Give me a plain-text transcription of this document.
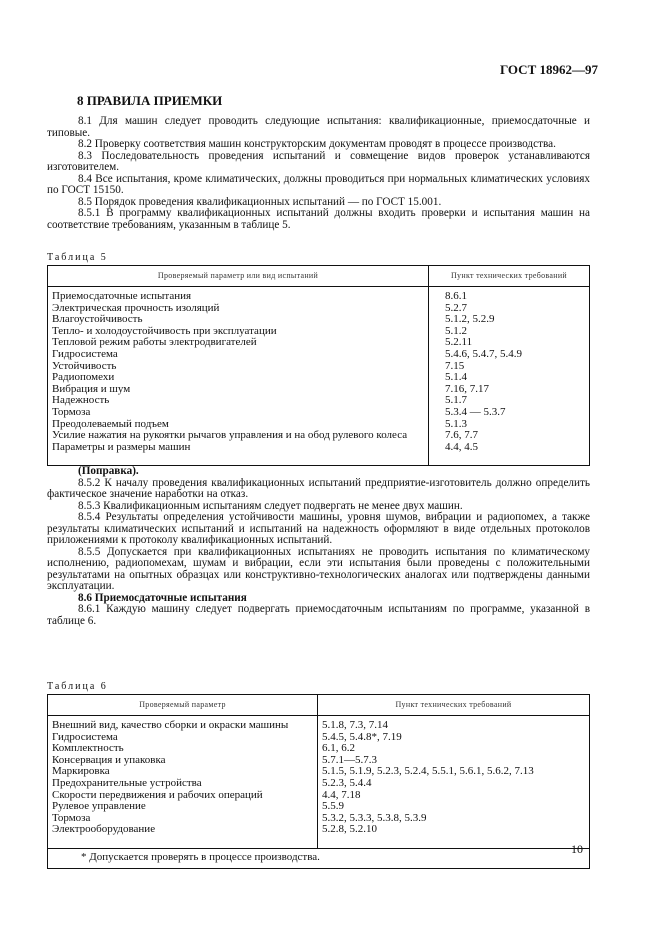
ГОСТ 18962—97
8 ПРАВИЛА ПРИЕМКИ

8.1 Для машин следует проводить следующие испытания: квалификационные, приемосдаточные и типовые.

8.2 Проверку соответствия машин конструкторским документам проводят в процессе производства.

8.3 Последовательность проведения испытаний и совмещение видов проверок устанавливаются изготовителем.

8.4 Все испытания, кроме климатических, должны проводиться при нормальных климатических условиях по ГОСТ 15150.

8.5 Порядок проведения квалификационных испытаний — по ГОСТ 15.001.

8.5.1 В программу квалификационных испытаний должны входить проверки и испытания машин на соответствие требованиям, указанным в таблице 5.

Таблица 5
Проверяемый параметр или вид испытаний	Пункт технических требований
Приемосдаточные испытания	8.6.1
Электрическая прочность изоляций	5.2.7
Влагоустойчивость	5.1.2, 5.2.9
Тепло- и холодоустойчивость при эксплуатации	5.1.2
Тепловой режим работы электродвигателей	5.2.11
Гидросистема	5.4.6, 5.4.7, 5.4.9
Устойчивость	7.15
Радиопомехи	5.1.4
Вибрация и шум	7.16, 7.17
Надежность	5.1.7
Тормоза	5.3.4 — 5.3.7
Преодолеваемый подъем	5.1.3
Усилие нажатия на рукоятки рычагов управления и на обод рулевого колеса	7.6, 7.7
Параметры и размеры машин	4.4, 4.5

(Поправка).

8.5.2 К началу проведения квалификационных испытаний предприятие-изготовитель должно определить фактическое значение наработки на отказ.

8.5.3 Квалификационным испытаниям следует подвергать не менее двух машин.

8.5.4 Результаты определения устойчивости машины, уровня шумов, вибрации и радиопомех, а также результаты климатических испытаний и испытаний на надежность оформляют в виде отдельных протоколов приложениями к протоколу квалификационных испытаний.

8.5.5 Допускается при квалификационных испытаниях не проводить испытания по климатическому исполнению, радиопомехам, шумам и вибрации, если эти испытания были проведены с положительными результатами на опытных образцах или конструктивно-технологических аналогах или подтверждены данными эксплуатации.

8.6 Приемосдаточные испытания

8.6.1 Каждую машину следует подвергать приемосдаточным испытаниям по программе, указанной в таблице 6.

Таблица 6
Проверяемый параметр	Пункт технических требований
Внешний вид, качество сборки и окраски машины	5.1.8, 7.3, 7.14
Гидросистема	5.4.5, 5.4.8*, 7.19
Комплектность	6.1, 6.2
Консервация и упаковка	5.7.1—5.7.3
Маркировка	5.1.5, 5.1.9, 5.2.3, 5.2.4, 5.5.1, 5.6.1, 5.6.2, 7.13
Предохранительные устройства	5.2.3, 5.4.4
Скорости передвижения и рабочих операций	4.4, 7.18
Рулевое управление	5.5.9
Тормоза	5.3.2, 5.3.3, 5.3.8, 5.3.9
Электрооборудование	5.2.8, 5.2.10
* Допускается проверять в процессе производства.	
10
